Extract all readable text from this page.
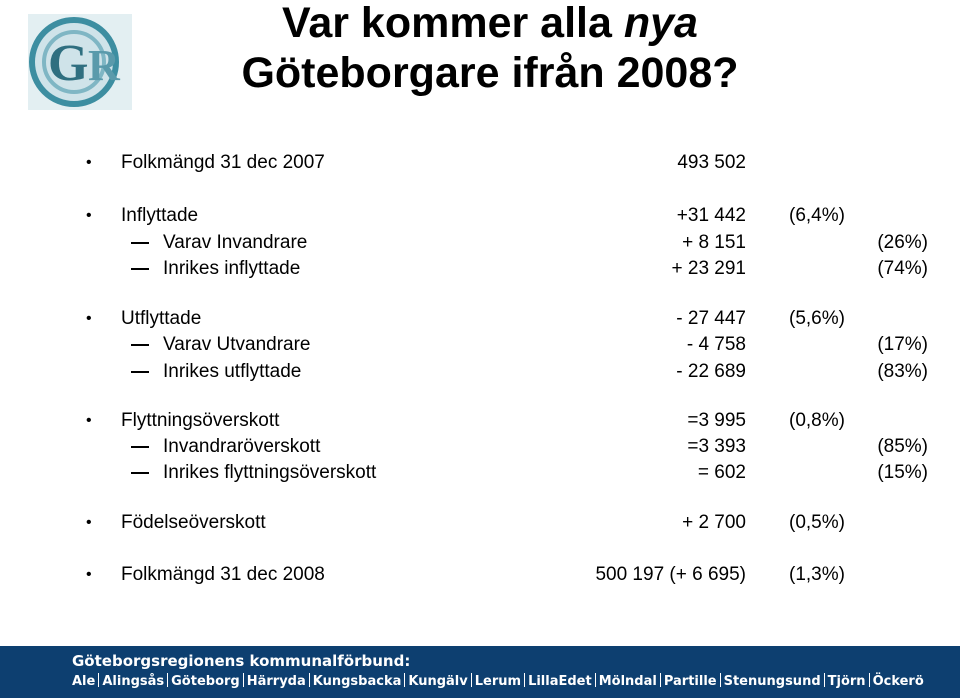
G R
Var kommer alla nya
Göteborgare ifrån 2008?
• Folkmängd 31 dec 2007	493 502
• Inflyttade	+31 442 (6,4%)
Varav Invandrare	+ 8 151	(26%)
Inrikes inflyttade	+ 23 291	(74%)
• Utflyttade	- 27 447 (5,6%)
Varav Utvandrare	- 4 758	(17%)
Inrikes utflyttade	- 22 689	(83%)
• Flyttningsöverskott	=3 995 (0,8%)
Invandraröverskott	=3 393	(85%)
Inrikes flyttningsöverskott	= 602	(15%)
• Födelseöverskott	+ 2 700 (0,5%)
• Folkmängd 31 dec 2008	500 197 (+ 6 695) (1,3%)
Göteborgsregionens kommunalförbund:
Ale Alingsås Göteborg Härryda Kungsbacka Kungälv Lerum LillaEdet Mölndal Partille Stenungsund Tjörn Öckerö
